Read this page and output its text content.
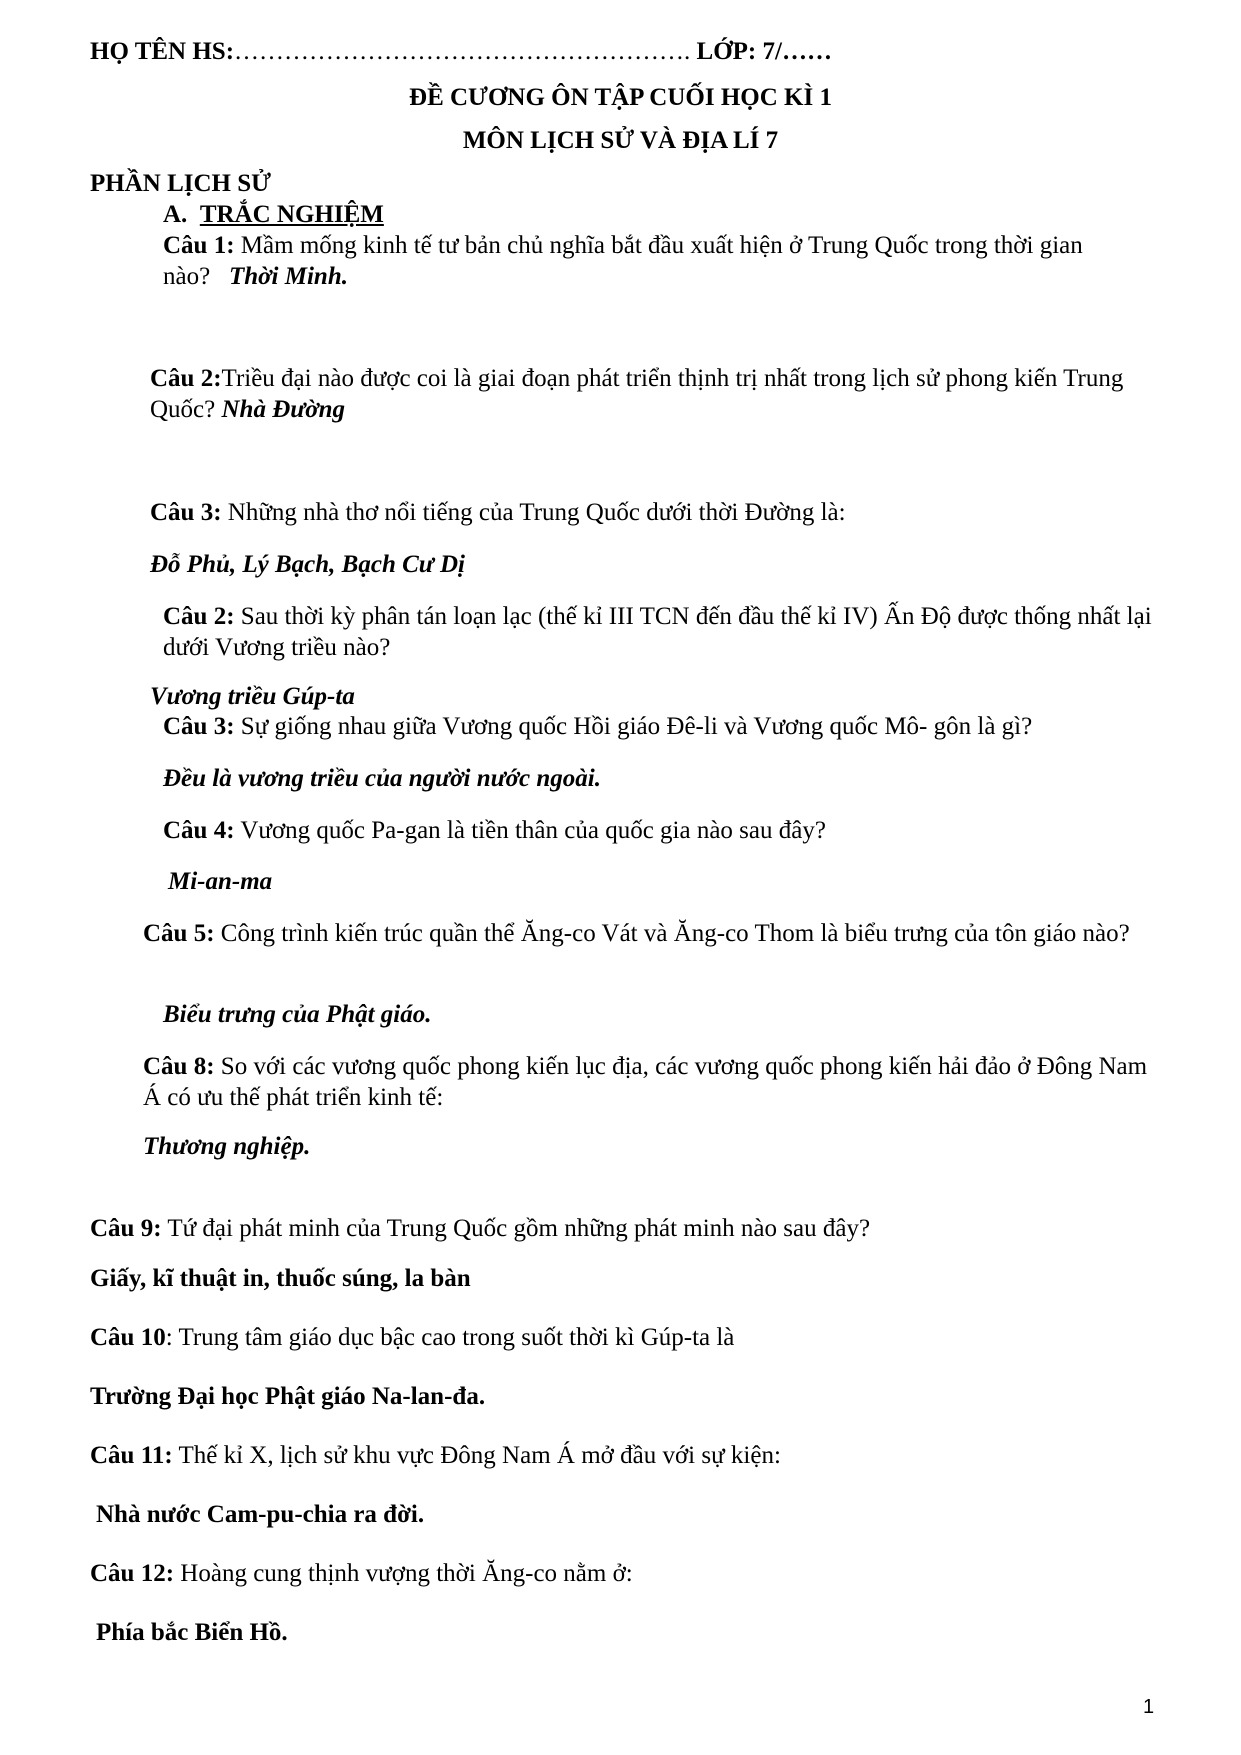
HỌ TÊN HS:………………………………………………. LỚP: 7/……
ĐỀ CƯƠNG ÔN TẬP CUỐI HỌC KÌ 1
MÔN LỊCH SỬ VÀ ĐỊA LÍ 7
PHẦN LỊCH SỬ
A. TRẮC NGHIỆM
Câu 1: Mầm mống kinh tế tư bản chủ nghĩa bắt đầu xuất hiện ở Trung Quốc trong thời gian nào? Thời Minh.
Câu 2:Triều đại nào được coi là giai đoạn phát triển thịnh trị nhất trong lịch sử phong kiến Trung Quốc? Nhà Đường
Câu 3: Những nhà thơ nổi tiếng của Trung Quốc dưới thời Đường là:
Đỗ Phủ, Lý Bạch, Bạch Cư Dị
Câu 2: Sau thời kỳ phân tán loạn lạc (thế kỉ III TCN đến đầu thế kỉ IV) Ấn Độ được thống nhất lại dưới Vương triều nào?
Vương triều Gúp-ta
Câu 3: Sự giống nhau giữa Vương quốc Hồi giáo Đê-li và Vương quốc Mô- gôn là gì?
Đều là vương triều của người nước ngoài.
Câu 4: Vương quốc Pa-gan là tiền thân của quốc gia nào sau đây?
Mi-an-ma
Câu 5: Công trình kiến trúc quần thể Ăng-co Vát và Ăng-co Thom là biểu trưng của tôn giáo nào?
Biểu trưng của Phật giáo.
Câu 8: So với các vương quốc phong kiến lục địa, các vương quốc phong kiến hải đảo ở Đông Nam Á có ưu thế phát triển kinh tế:
Thương nghiệp.
Câu 9: Tứ đại phát minh của Trung Quốc gồm những phát minh nào sau đây?
Giấy, kĩ thuật in, thuốc súng, la bàn
Câu 10: Trung tâm giáo dục bậc cao trong suốt thời kì Gúp-ta là
Trường Đại học Phật giáo Na-lan-đa.
Câu 11: Thế kỉ X, lịch sử khu vực Đông Nam Á mở đầu với sự kiện:
Nhà nước Cam-pu-chia ra đời.
Câu 12: Hoàng cung thịnh vượng thời Ăng-co nằm ở:
Phía bắc Biển Hồ.
1
